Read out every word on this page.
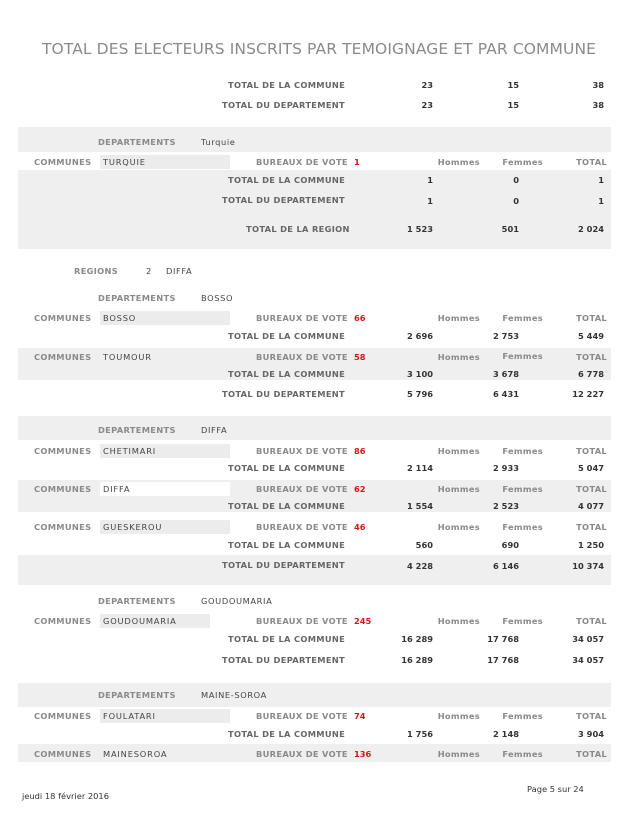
TOTAL DES ELECTEURS INSCRITS PAR TEMOIGNAGE ET PAR COMMUNE
TOTAL DE LA COMMUNE	23	15	38
TOTAL DU DEPARTEMENT	23	15	38
DEPARTEMENTS	Turquie
COMMUNES TURQUIE	BUREAUX DE VOTE 1	Hommes	Femmes	TOTAL
TOTAL DE LA COMMUNE	1	0	1
TOTAL DU DEPARTEMENT	1	0	1
TOTAL DE LA REGION	1 523	501	2 024
REGIONS	2 DIFFA
DEPARTEMENTS	BOSSO
COMMUNES BOSSO	BUREAUX DE VOTE 66	Hommes	Femmes	TOTAL
TOTAL DE LA COMMUNE	2 696	2 753	5 449
COMMUNES TOUMOUR	BUREAUX DE VOTE 58	Hommes	Femmes	TOTAL
TOTAL DE LA COMMUNE	3 100	3 678	6 778
TOTAL DU DEPARTEMENT	5 796	6 431	12 227
DEPARTEMENTS	DIFFA
COMMUNES CHETIMARI	BUREAUX DE VOTE 86	Hommes	Femmes	TOTAL
TOTAL DE LA COMMUNE	2 114	2 933	5 047
COMMUNES DIFFA	BUREAUX DE VOTE 62	Hommes	Femmes	TOTAL
TOTAL DE LA COMMUNE	1 554	2 523	4 077
COMMUNES GUESKEROU	BUREAUX DE VOTE 46	Hommes	Femmes	TOTAL
TOTAL DE LA COMMUNE	560	690	1 250
TOTAL DU DEPARTEMENT	4 228	6 146	10 374
DEPARTEMENTS	GOUDOUMARIA
COMMUNES GOUDOUMARIA	BUREAUX DE VOTE 245	Hommes	Femmes	TOTAL
TOTAL DE LA COMMUNE	16 289	17 768	34 057
TOTAL DU DEPARTEMENT	16 289	17 768	34 057
DEPARTEMENTS	MAINE-SOROA
COMMUNES FOULATARI	BUREAUX DE VOTE 74	Hommes	Femmes	TOTAL
TOTAL DE LA COMMUNE	1 756	2 148	3 904
COMMUNES MAINESOROA	BUREAUX DE VOTE 136	Hommes	Femmes	TOTAL
jeudi 18 février 2016
Page 5 sur 24
